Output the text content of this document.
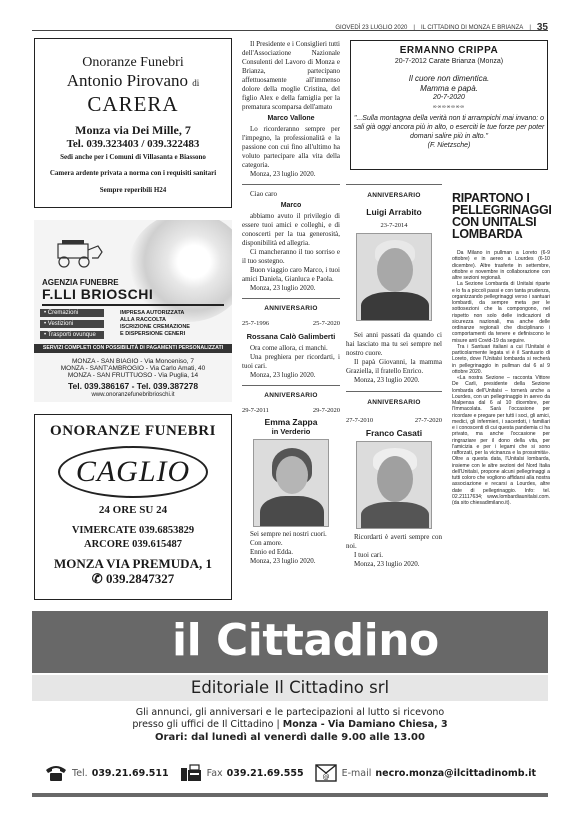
GIOVEDÌ 23 LUGLIO 2020 | IL CITTADINO DI MONZA E BRIANZA | 35
Onoranze Funebri
Antonio Pirovano di
CARERA
Monza via Dei Mille, 7
Tel. 039.323403 / 039.322483
Sedi anche per i Comuni di Villasanta e Biassono
Camera ardente privata a norma con i requisiti sanitari
Sempre reperibili H24
AGENZIA FUNEBRE
F.LLI BRIOSCHI
• Cremazioni
• Vestizioni
• Trasporti ovunque
IMPRESA AUTORIZZATA
ALLA RACCOLTA
ISCRIZIONE CREMAZIONE
E DISPERSIONE CENERI
SERVIZI COMPLETI CON POSSIBILITÀ DI PAGAMENTI PERSONALIZZATI
MONZA - SAN BIAGIO - Via Monceniso, 7
MONZA - SANT'AMBROGIO - Via Carlo Amati, 40
MONZA - SAN FRUTTUOSO - Via Puglia, 14
Tel. 039.386167 - Tel. 039.387278
www.onoranzefunebribrioschi.it
ONORANZE FUNEBRI
CAGLIO
24 ORE SU 24
VIMERCATE 039.6853829
ARCORE 039.615487
MONZA VIA PREMUDA, 1
✆ 039.2847327

Il Presidente e i Consiglieri tutti dell'Associazione Nazionale Consulenti del Lavoro di Monza e Brianza, partecipano affettuosamente all'immenso dolore della moglie Cristina, del figlio Alex e della famiglia per la prematura scomparsa dell'amato

Marco Vallone

Lo ricorderanno sempre per l'impegno, la professionalità e la passione con cui fino all'ultimo ha voluto partecipare alla vita della categoria.

Monza, 23 luglio 2020.

Ciao caro

Marco

abbiamo avuto il privilegio di essere tuoi amici e colleghi, e di conoscerti per la tua generosità, disponibilità ed allegria.

Ci mancheranno il tuo sorriso e il tuo sostegno.

Buon viaggio caro Marco, i tuoi amici Daniela, Gianluca e Paola.

Monza, 23 luglio 2020.

ANNIVERSARIO
25-7-1996	25-7-2020
Rossana Calò Galimberti

Ora come allora, ci manchi.

Una preghiera per ricordarti, i tuoi cari.

Monza, 23 luglio 2020.

ANNIVERSARIO
29-7-2011	29-7-2020
Emma Zappa
in Verderio

Sei sempre nei nostri cuori.

Con amore.

Ennio ed Edda.

Monza, 23 luglio 2020.

ERMANNO CRIPPA
20-7-2012 Carate Brianza (Monza)
Il cuore non dimentica.
Mamma e papà.
20-7-2020
∞∞∞∞∞∞∞
"...Sulla montagna della verità non ti arrampichi mai invano: o sali già oggi ancora più in alto, o eserciti le tue forze per poter domani salire più in alto."
(F. Nietzsche)
ANNIVERSARIO
Luigi Arrabito
23-7-2014

Sei anni passati da quando ci hai lasciato ma tu sei sempre nel nostro cuore.

Il papà Giovanni, la mamma Graziella, il fratello Enrico.

Monza, 23 luglio 2020.

ANNIVERSARIO
27-7-2010	27-7-2020
Franco Casati

Ricordarti è averti sempre con noi.

I tuoi cari.

Monza, 23 luglio 2020.

RIPARTONO I PELLEGRINAGGI CON UNITALSI LOMBARDA

Da Milano in pullman a Loreto (6-9 ottobre) e in aereo a Lourdes (6-10 dicembre). Altre trasferte in settembre, ottobre e novembre in collaborazione con altre sezioni regionali.

La Sezione Lombarda di Unitalsi riparte e lo fa a piccoli passi e con tanta prudenza, organizzando pellegrinaggi verso i santuari lombardi, da sempre meta per le sottosezioni che la compongono, nel rispetto non solo delle indicazioni di sicurezza nazionali, ma anche delle ordinanze regionali che disciplinano i comportamenti da tenere e definiscono le misure anti Covid-19 da seguire.

Tra i Santuari italiani a cui l'Unitalsi è particolarmente legata vi è il Santuario di Loreto, dove l'Unitalsi lombarda si recherà in pellegrinaggio in pullman dal 6 al 9 ottobre 2020.

«La nostra Sezione – racconta Vittore De Carli, presidente della Sezione lombarda dell'Unitalsi – tornerà anche a Lourdes, con un pellegrinaggio in aereo da Malpensa dal 6 al 10 dicembre, per l'Immacolata. Sarà l'occasione per ricordare e pregare per tutti i soci, gli amici, medici, gli infermieri, i sacerdoti, i familiari e i conoscenti di cui questa pandemia ci ha privato, ma anche l'occasione per ringraziare per il dono della vita, per l'amicizia e per i legami che si sono rafforzati, per la vicinanza e la prossimità». Oltre a questa data, l'Unitalsi lombarda, insieme con le altre sezioni del Nord Italia dell'Unitalsi, propone alcuni pellegrinaggi a tutti coloro che vogliono affidarsi alla nostra associazione e recarsi a Lourdes, altre date di pellegrinaggio. Info: tel. 02.21117634; www.lombardiaunitalsi.com. (da sito chiesadimilano.it).

il Cittadino
Editoriale Il Cittadino srl
Gli annunci, gli anniversari e le partecipazioni al lutto si ricevono
presso gli uffici de Il Cittadino | Monza - Via Damiano Chiesa, 3
Orari: dal lunedì al venerdì dalle 9.00 alle 13.00
Tel. 039.21.69.511	Fax 039.21.69.555	@ E-mail necro.monza@ilcittadinomb.it
